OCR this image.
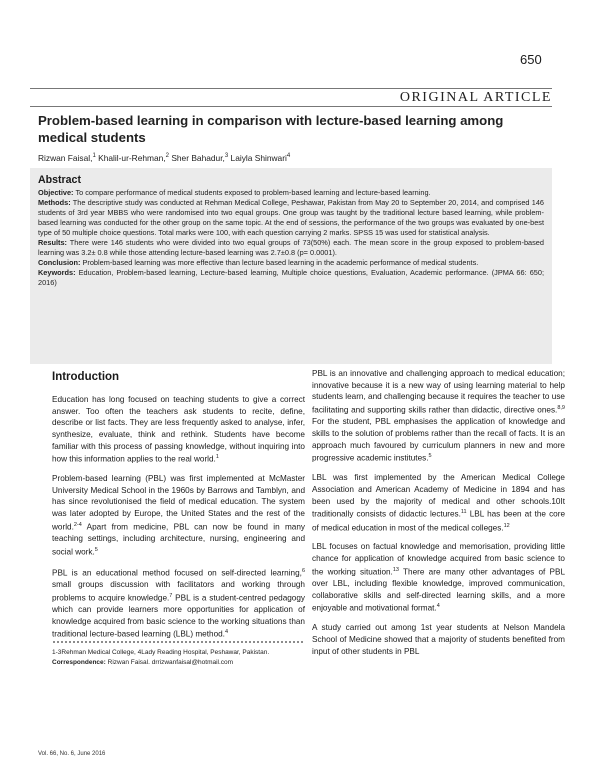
650
ORIGINAL ARTICLE
Problem-based learning in comparison with lecture-based learning among medical students
Rizwan Faisal,$^1$ Khalil-ur-Rehman,$^2$ Sher Bahadur,$^3$ Laiyla Shinwari$^4$
Abstract

Objective: To compare performance of medical students exposed to problem-based learning and lecture-based learning.

Methods: The descriptive study was conducted at Rehman Medical College, Peshawar, Pakistan from May 20 to September 20, 2014, and comprised 146 students of 3rd year MBBS who were randomised into two equal groups. One group was taught by the traditional lecture based learning, while problem-based learning was conducted for the other group on the same topic. At the end of sessions, the performance of the two groups was evaluated by one-best type of 50 multiple choice questions. Total marks were 100, with each question carrying 2 marks. SPSS 15 was used for statistical analysis.

Results: There were 146 students who were divided into two equal groups of 73(50%) each. The mean score in the group exposed to problem-based learning was 3.2± 0.8 while those attending lecture-based learning was 2.7±0.8 (p= 0.0001).

Conclusion: Problem-based learning was more effective than lecture based learning in the academic performance of medical students.

Keywords: Education, Problem-based learning, Lecture-based learning, Multiple choice questions, Evaluation, Academic performance. (JPMA 66: 650; 2016)

Introduction

Education has long focused on teaching students to give a correct answer. Too often the teachers ask students to recite, define, describe or list facts. They are less frequently asked to analyse, infer, synthesize, evaluate, think and rethink. Students have become familiar with this process of passing knowledge, without inquiring into how this information applies to the real world.$^1$

Problem-based learning (PBL) was first implemented at McMaster University Medical School in the 1960s by Barrows and Tamblyn, and has since revolutionised the field of medical education. The system was later adopted by Europe, the United States and the rest of the world.$^{2-4}$ Apart from medicine, PBL can now be found in many teaching settings, including architecture, nursing, engineering and social work.$^5$

PBL is an educational method focused on self-directed learning,$^6$ small groups discussion with facilitators and working through problems to acquire knowledge.$^7$ PBL is a student-centred pedagogy which can provide learners more opportunities for application of knowledge acquired from basic science to the working situations than traditional lecture-based learning (LBL) method.$^4$

PBL is an innovative and challenging approach to medical education; innovative because it is a new way of using learning material to help students learn, and challenging because it requires the teacher to use facilitating and supporting skills rather than didactic, directive ones.$^{8,9}$ For the student, PBL emphasises the application of knowledge and skills to the solution of problems rather than the recall of facts. It is an approach much favoured by curriculum planners in new and more progressive academic institutes.$^5$

LBL was first implemented by the American Medical College Association and American Academy of Medicine in 1894 and has been used by the majority of medical and other schools.10It traditionally consists of didactic lectures.$^{11}$ LBL has been at the core of medical education in most of the medical colleges.$^{12}$

LBL focuses on factual knowledge and memorisation, providing little chance for application of knowledge acquired from basic science to the working situation.$^{13}$ There are many other advantages of PBL over LBL, including flexible knowledge, improved communication, collaborative skills and self-directed learning skills, and a more enjoyable and motivational format.$^4$

A study carried out among 1st year students at Nelson Mandela School of Medicine showed that a majority of students benefited from input of other students in PBL

1-3Rehman Medical College, 4Lady Reading Hospital, Peshawar, Pakistan.
Correspondence: Rizwan Faisal. drrizwanfaisal@hotmail.com
Vol. 66, No. 6, June 2016
